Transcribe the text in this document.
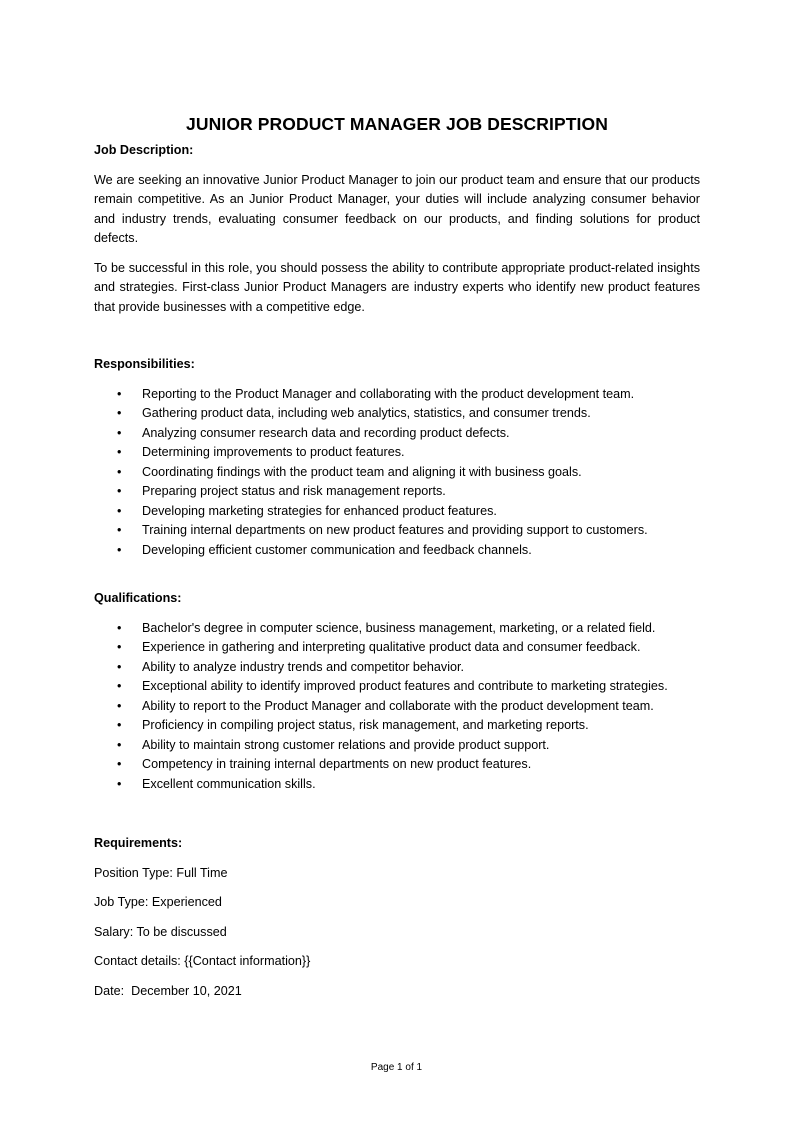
JUNIOR PRODUCT MANAGER JOB DESCRIPTION
Job Description:

We are seeking an innovative Junior Product Manager to join our product team and ensure that our products remain competitive. As an Junior Product Manager, your duties will include analyzing consumer behavior and industry trends, evaluating consumer feedback on our products, and finding solutions for product defects.

To be successful in this role, you should possess the ability to contribute appropriate product-related insights and strategies. First-class Junior Product Managers are industry experts who identify new product features that provide businesses with a competitive edge.

Responsibilities:
• Reporting to the Product Manager and collaborating with the product development team.
• Gathering product data, including web analytics, statistics, and consumer trends.
• Analyzing consumer research data and recording product defects.
• Determining improvements to product features.
• Coordinating findings with the product team and aligning it with business goals.
• Preparing project status and risk management reports.
• Developing marketing strategies for enhanced product features.
• Training internal departments on new product features and providing support to customers.
• Developing efficient customer communication and feedback channels.
Qualifications:
• Bachelor's degree in computer science, business management, marketing, or a related field.
• Experience in gathering and interpreting qualitative product data and consumer feedback.
• Ability to analyze industry trends and competitor behavior.
• Exceptional ability to identify improved product features and contribute to marketing strategies.
• Ability to report to the Product Manager and collaborate with the product development team.
• Proficiency in compiling project status, risk management, and marketing reports.
• Ability to maintain strong customer relations and provide product support.
• Competency in training internal departments on new product features.
• Excellent communication skills.
Requirements:

Position Type: Full Time

Job Type: Experienced

Salary: To be discussed

Contact details: {{Contact information}}

Date:  December 10, 2021

Page 1 of 1
